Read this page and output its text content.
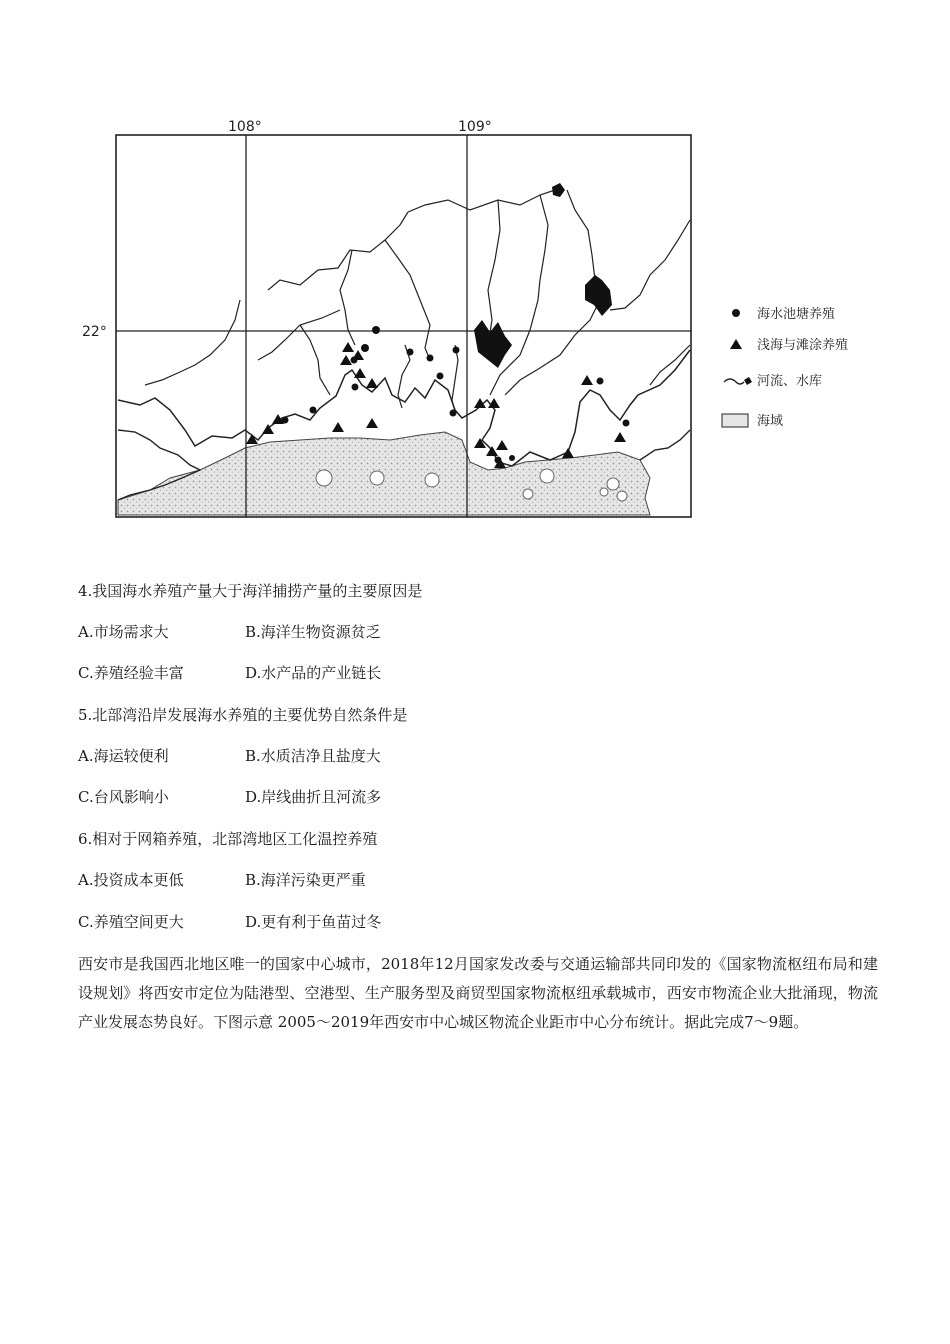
108°	109°
22°
海水池塘养殖
浅海与滩涂养殖
河流、水库
海域
4.我国海水养殖产量大于海洋捕捞产量的主要原因是
A.市场需求大	B.海洋生物资源贫乏
C.养殖经验丰富	D.水产品的产业链长
5.北部湾沿岸发展海水养殖的主要优势自然条件是
A.海运较便利	B.水质洁净且盐度大
C.台风影响小	D.岸线曲折且河流多
6.相对于网箱养殖，北部湾地区工化温控养殖
A.投资成本更低	B.海洋污染更严重
C.养殖空间更大	D.更有利于鱼苗过冬
西安市是我国西北地区唯一的国家中心城市，2018年12月国家发改委与交通运输部共同印发的《国家物流枢纽布局和建设规划》将西安市定位为陆港型、空港型、生产服务型及商贸型国家物流枢纽承载城市，西安市物流企业大批涌现，物流产业发展态势良好。下图示意 2005～2019年西安市中心城区物流企业距市中心分布统计。据此完成7～9题。
